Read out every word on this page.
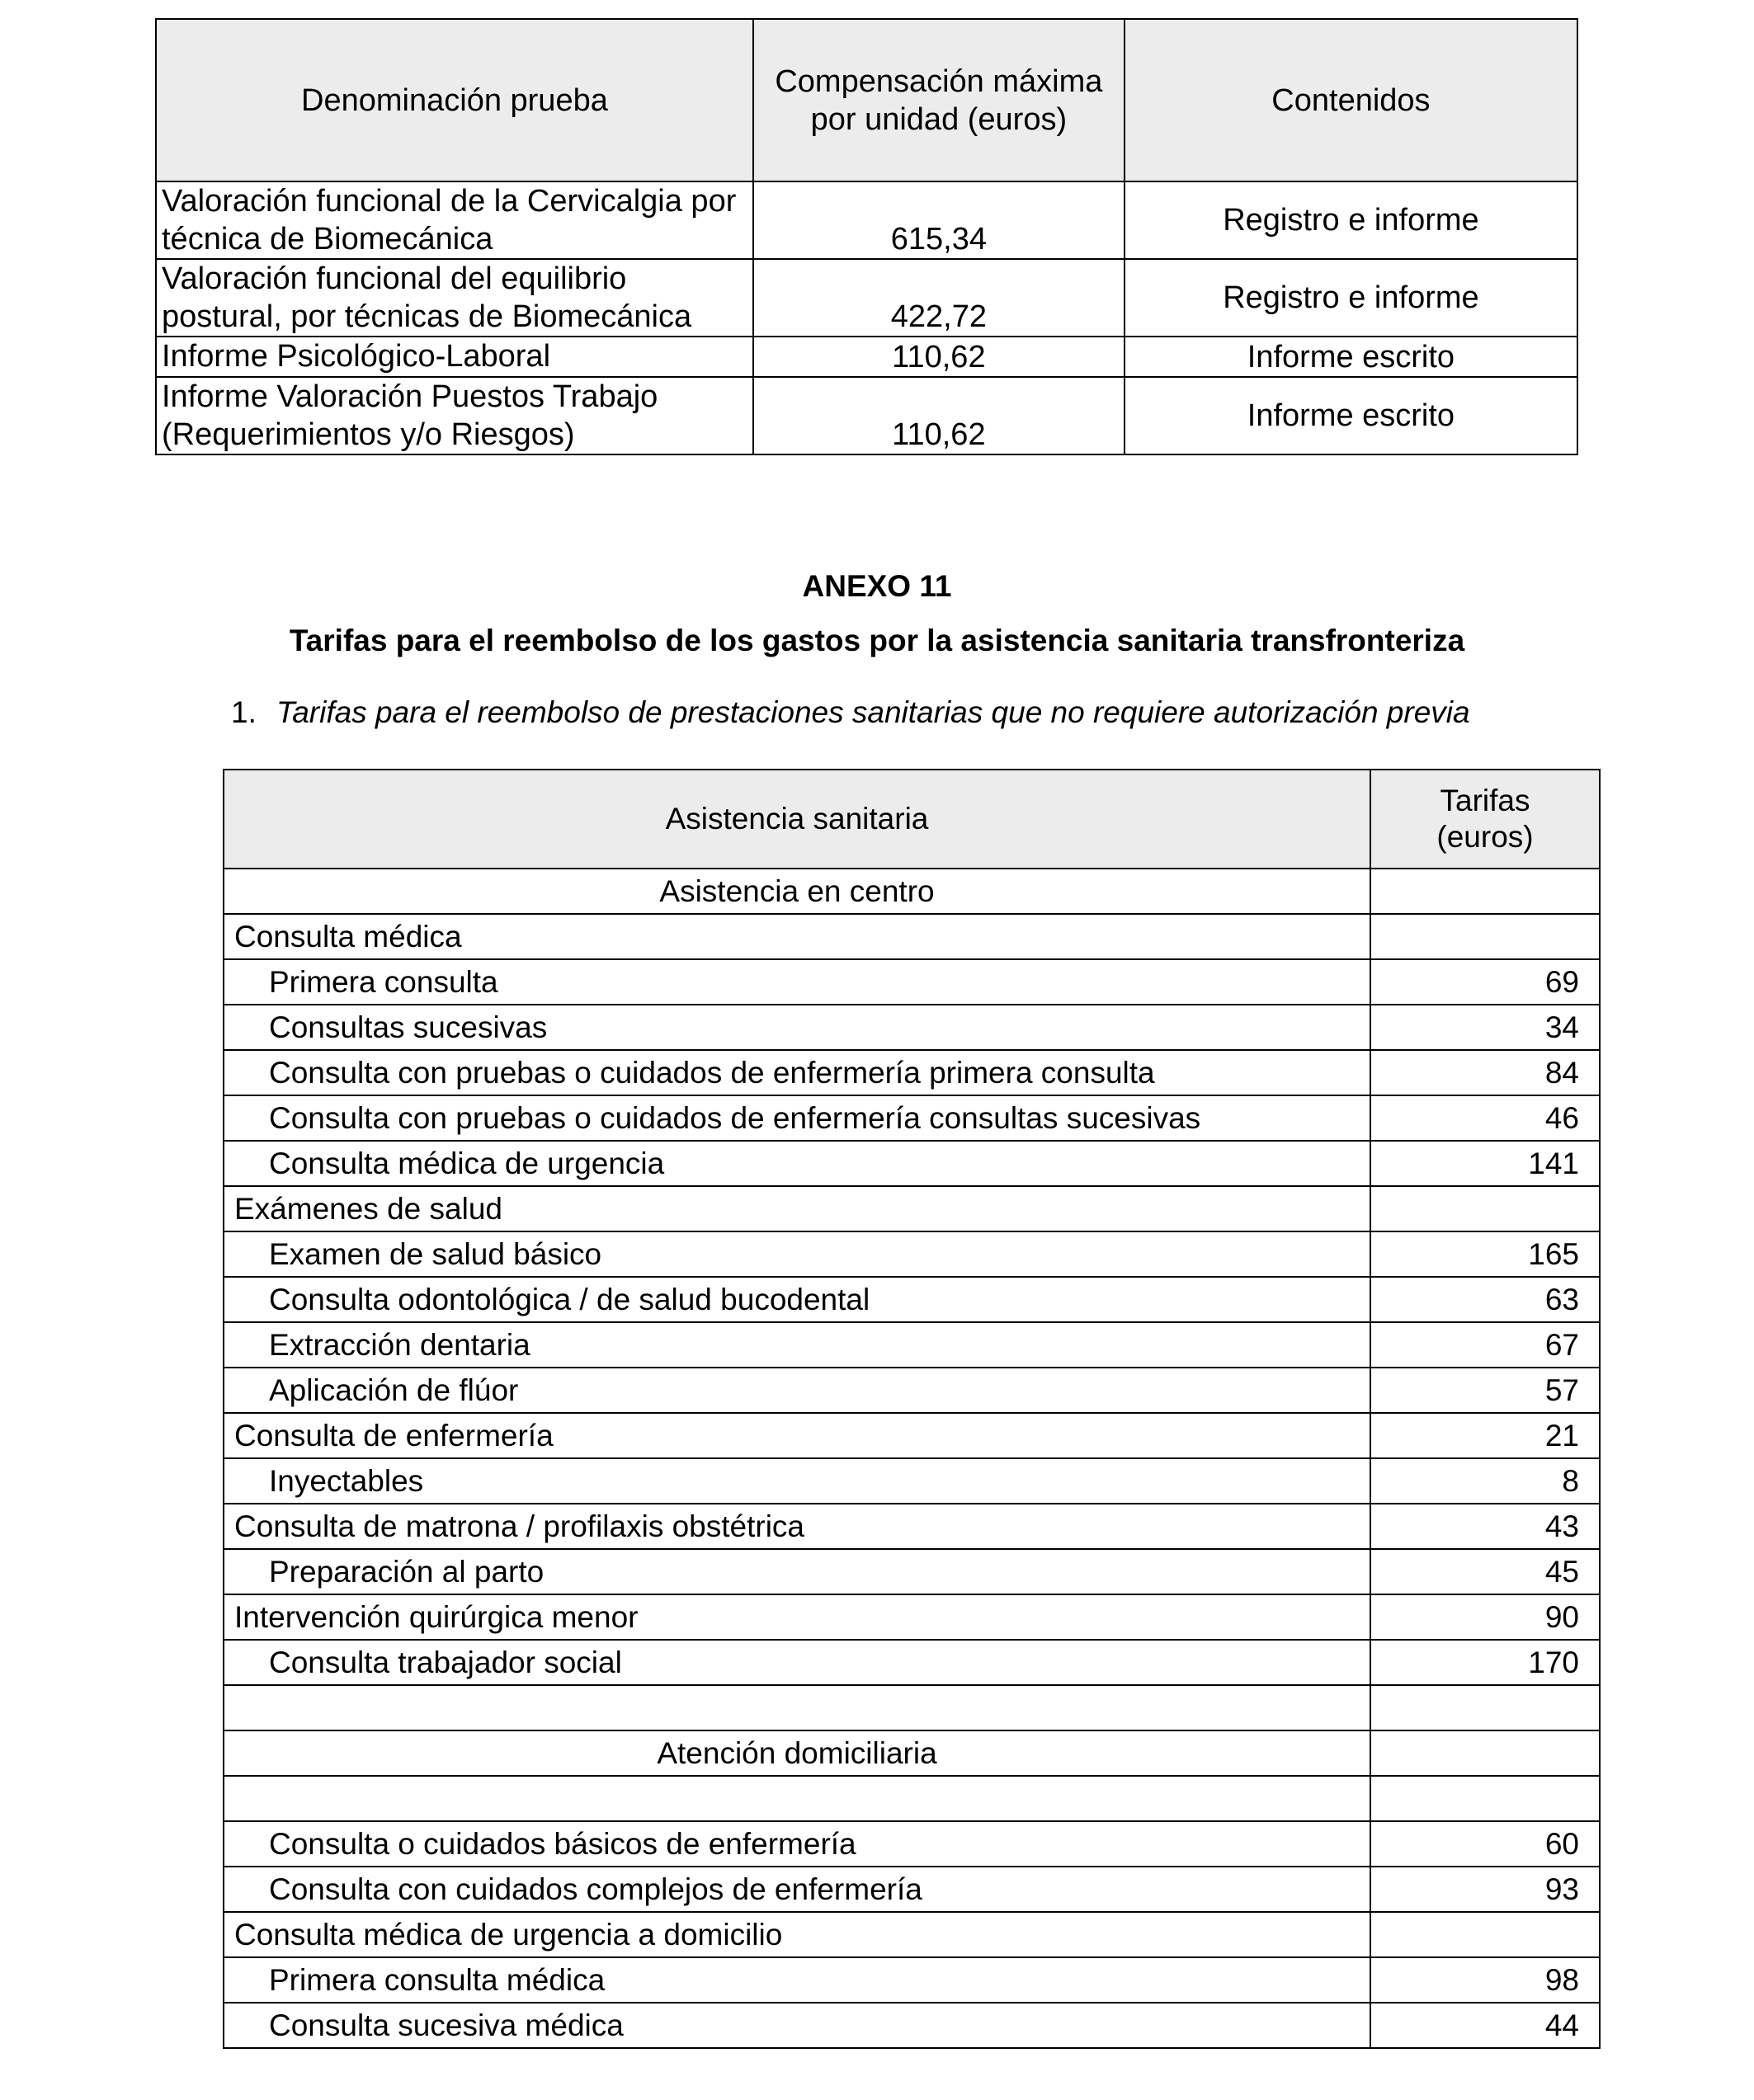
Denominación prueba	Compensación máxima por unidad (euros)	Contenidos
Valoración funcional de la Cervicalgia por técnica de Biomecánica	615,34	Registro e informe
Valoración funcional del equilibrio postural, por técnicas de Biomecánica	422,72	Registro e informe
Informe Psicológico-Laboral	110,62	Informe escrito
Informe Valoración Puestos Trabajo (Requerimientos y/o Riesgos)	110,62	Informe escrito
ANEXO 11
Tarifas para el reembolso de los gastos por la asistencia sanitaria transfronteriza
1. Tarifas para el reembolso de prestaciones sanitarias que no requiere autorización previa
Asistencia sanitaria	Tarifas (euros)

Asistencia en centro	
Consulta médica	
Primera consulta	69
Consultas sucesivas	34
Consulta con pruebas o cuidados de enfermería primera consulta	84
Consulta con pruebas o cuidados de enfermería consultas sucesivas	46
Consulta médica de urgencia	141
Exámenes de salud	
Examen de salud básico	165
Consulta odontológica / de salud bucodental	63
Extracción dentaria	67
Aplicación de flúor	57
Consulta de enfermería	21
Inyectables	8
Consulta de matrona / profilaxis obstétrica	43
Preparación al parto	45
Intervención quirúrgica menor	90
Consulta trabajador social	170

Atención domiciliaria	

Consulta o cuidados básicos de enfermería	60
Consulta con cuidados complejos de enfermería	93
Consulta médica de urgencia a domicilio	
Primera consulta médica	98
Consulta sucesiva médica	44
